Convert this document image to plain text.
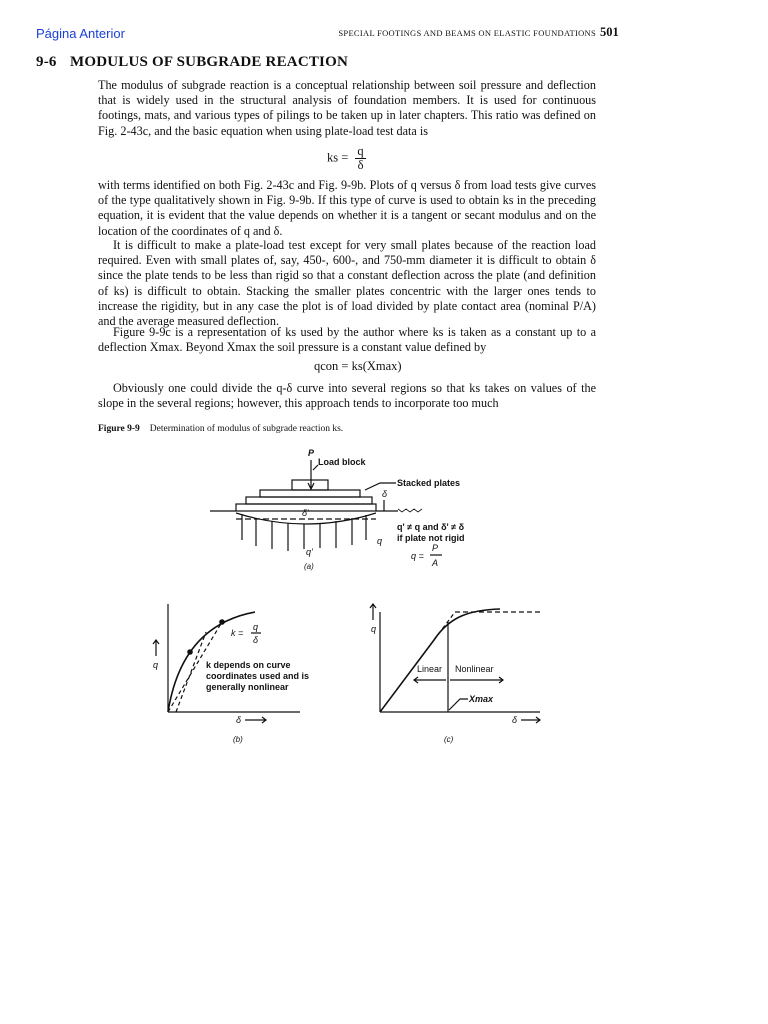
Página Anterior	SPECIAL FOOTINGS AND BEAMS ON ELASTIC FOUNDATIONS 501
9-6 MODULUS OF SUBGRADE REACTION

The modulus of subgrade reaction is a conceptual relationship between soil pressure and deflection that is widely used in the structural analysis of foundation members. It is used for continuous footings, mats, and various types of pilings to be taken up in later chapters. This ratio was defined on Fig. 2-43c, and the basic equation when using plate-load test data is

ks = $\frac{q}{\delta}$

with terms identified on both Fig. 2-43c and Fig. 9-9b. Plots of q versus δ from load tests give curves of the type qualitatively shown in Fig. 9-9b. If this type of curve is used to obtain ks in the preceding equation, it is evident that the value depends on whether it is a tangent or secant modulus and on the location of the coordinates of q and δ.

It is difficult to make a plate-load test except for very small plates because of the reaction load required. Even with small plates of, say, 450-, 600-, and 750-mm diameter it is difficult to obtain δ since the plate tends to be less than rigid so that a constant deflection across the plate (and definition of ks) is difficult to obtain. Stacking the smaller plates concentric with the larger ones tends to increase the rigidity, but in any case the plot is of load divided by plate contact area (nominal P/A) and the average measured deflection.

Figure 9-9c is a representation of ks used by the author where ks is taken as a constant up to a deflection Xmax. Beyond Xmax the soil pressure is a constant value defined by

qcon = ks(Xmax)

Obviously one could divide the q-δ curve into several regions so that ks takes on values of the slope in the several regions; however, this approach tends to incorporate too much

Figure 9-9 Determination of modulus of subgrade reaction ks.
P
Load block
Stacked plates
δ
δ'
q
q'
q' ≠ q and δ' ≠ δ
if plate not rigid
P
q =
A
(a)
q
k =
q
δ
k depends on curve
coordinates used and is
generally nonlinear
δ
(b)
q
Linear Nonlinear
Xmax
δ
(c)
